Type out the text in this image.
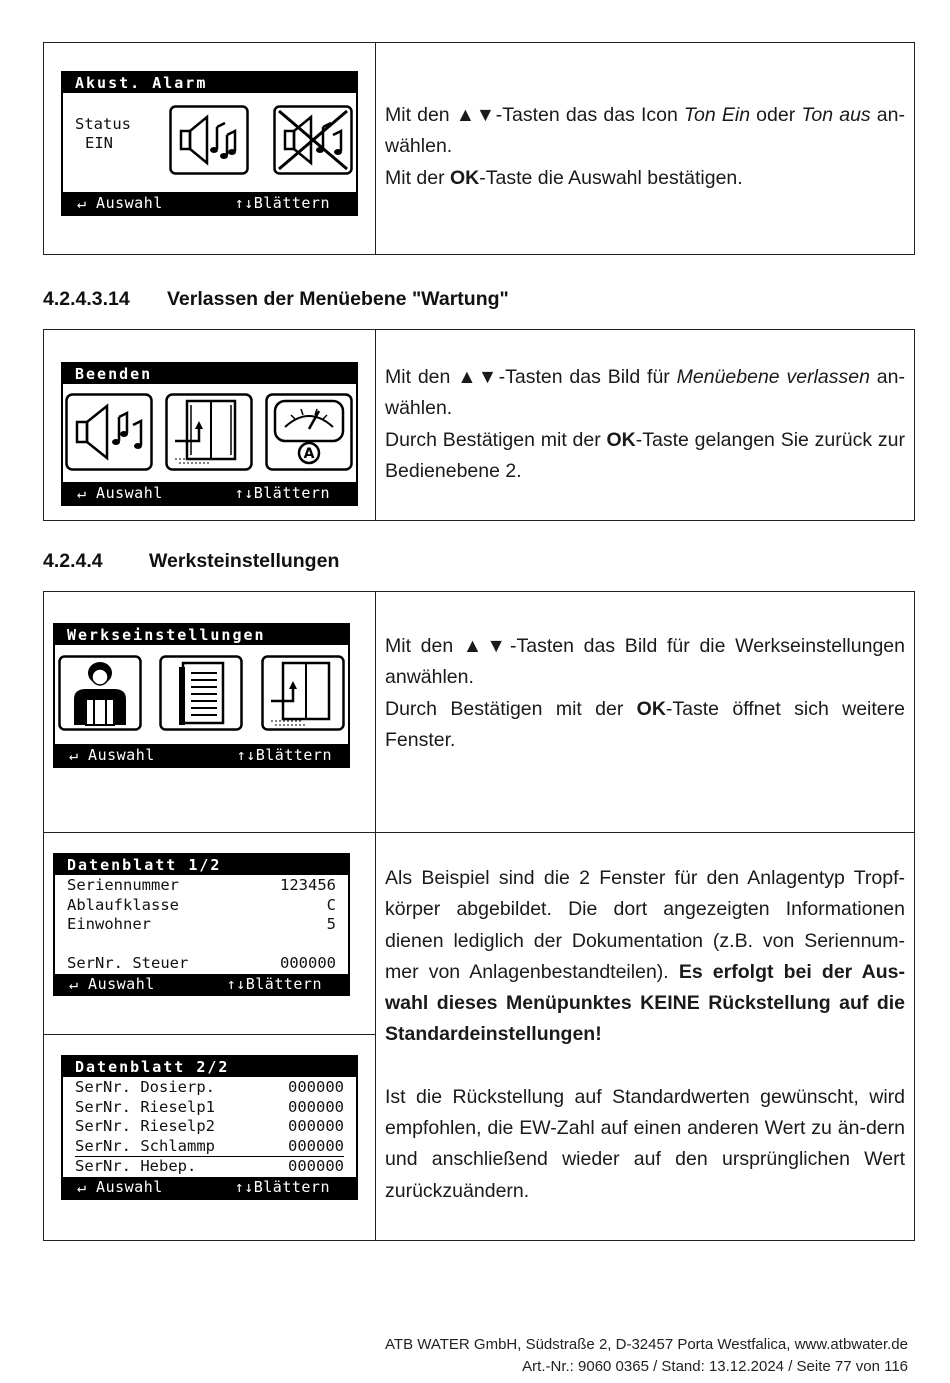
Akust. Alarm
Status
EIN
↵ Auswahl	↑↓Blättern

Mit den ▲▼-Tasten das das Icon Ton Ein oder Ton aus an-wählen.

Mit der OK-Taste die Auswahl bestätigen.

4.2.4.3.14 Verlassen der Menüebene "Wartung"
Beenden
A
↵ Auswahl	↑↓Blättern

Mit den ▲▼-Tasten das Bild für Menüebene verlassen an-wählen.

Durch Bestätigen mit der OK-Taste gelangen Sie zurück zur Bedienebene 2.

4.2.4.4 Werksteinstellungen
Werkseinstellungen
↵ Auswahl	↑↓Blättern

Mit den ▲▼-Tasten das Bild für die Werkseinstellungen anwählen.

Durch Bestätigen mit der OK-Taste öffnet sich weitere Fenster.

Datenblatt 1/2
Seriennummer	123456
Ablaufklasse	C
Einwohner	5
SerNr. Steuer	000000
↵ Auswahl	↑↓Blättern
Datenblatt 2/2
SerNr. Dosierp.	000000
SerNr. Rieselp1	000000
SerNr. Rieselp2	000000
SerNr. Schlammp	000000
SerNr. Hebep.	000000
↵ Auswahl	↑↓Blättern

Als Beispiel sind die 2 Fenster für den Anlagentyp Tropf-körper abgebildet. Die dort angezeigten Informationen dienen lediglich der Dokumentation (z.B. von Seriennum-mer von Anlagenbestandteilen). Es erfolgt bei der Aus-wahl dieses Menüpunktes KEINE Rückstellung auf die Standardeinstellungen!

Ist die Rückstellung auf Standardwerten gewünscht, wird empfohlen, die EW-Zahl auf einen anderen Wert zu än-dern und anschließend wieder auf den ursprünglichen Wert zurückzuändern.

ATB WATER GmbH, Südstraße 2, D-32457 Porta Westfalica, www.atbwater.de
Art.-Nr.: 9060 0365 / Stand: 13.12.2024 / Seite 77 von 116
